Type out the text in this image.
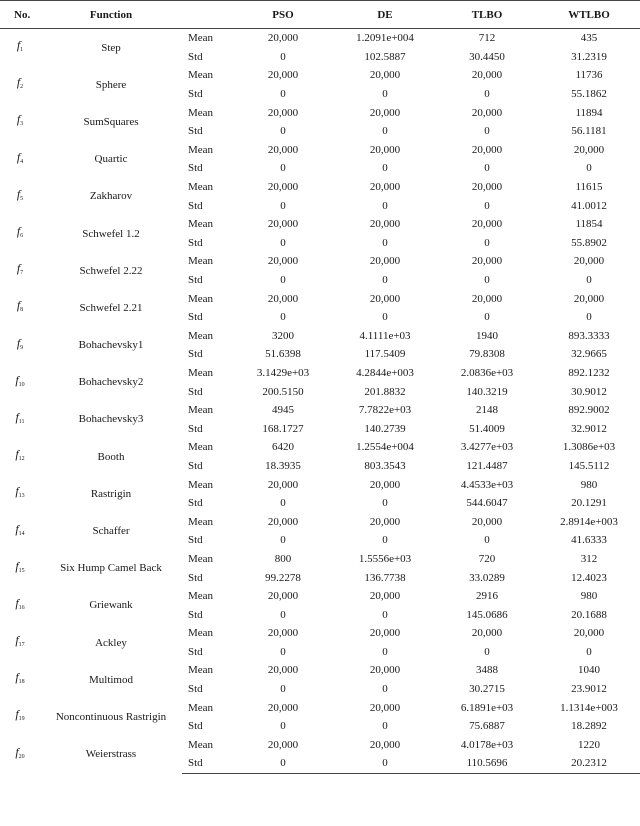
No.	Function		PSO	DE	TLBO	WTLBO
$f_1$	Step	Mean	20,000	1.2091e+004	712	435
		Std	0	102.5887	30.4450	31.2319
$f_2$	Sphere	Mean	20,000	20,000	20,000	11736
		Std	0	0	0	55.1862
$f_3$	SumSquares	Mean	20,000	20,000	20,000	11894
		Std	0	0	0	56.1181
$f_4$	Quartic	Mean	20,000	20,000	20,000	20,000
		Std	0	0	0	0
$f_5$	Zakharov	Mean	20,000	20,000	20,000	11615
		Std	0	0	0	41.0012
$f_6$	Schwefel 1.2	Mean	20,000	20,000	20,000	11854
		Std	0	0	0	55.8902
$f_7$	Schwefel 2.22	Mean	20,000	20,000	20,000	20,000
		Std	0	0	0	0
$f_8$	Schwefel 2.21	Mean	20,000	20,000	20,000	20,000
		Std	0	0	0	0
$f_9$	Bohachevsky1	Mean	3200	4.1111e+03	1940	893.3333
		Std	51.6398	117.5409	79.8308	32.9665
$f_{10}$	Bohachevsky2	Mean	3.1429e+03	4.2844e+003	2.0836e+03	892.1232
		Std	200.5150	201.8832	140.3219	30.9012
$f_{11}$	Bohachevsky3	Mean	4945	7.7822e+03	2148	892.9002
		Std	168.1727	140.2739	51.4009	32.9012
$f_{12}$	Booth	Mean	6420	1.2554e+004	3.4277e+03	1.3086e+03
		Std	18.3935	803.3543	121.4487	145.5112
$f_{13}$	Rastrigin	Mean	20,000	20,000	4.4533e+03	980
		Std	0	0	544.6047	20.1291
$f_{14}$	Schaffer	Mean	20,000	20,000	20,000	2.8914e+003
		Std	0	0	0	41.6333
$f_{15}$	Six Hump Camel Back	Mean	800	1.5556e+03	720	312
		Std	99.2278	136.7738	33.0289	12.4023
$f_{16}$	Griewank	Mean	20,000	20,000	2916	980
		Std	0	0	145.0686	20.1688
$f_{17}$	Ackley	Mean	20,000	20,000	20,000	20,000
		Std	0	0	0	0
$f_{18}$	Multimod	Mean	20,000	20,000	3488	1040
		Std	0	0	30.2715	23.9012
$f_{19}$	Noncontinuous Rastrigin	Mean	20,000	20,000	6.1891e+03	1.1314e+003
		Std	0	0	75.6887	18.2892
$f_{20}$	Weierstrass	Mean	20,000	20,000	4.0178e+03	1220
		Std	0	0	110.5696	20.2312
